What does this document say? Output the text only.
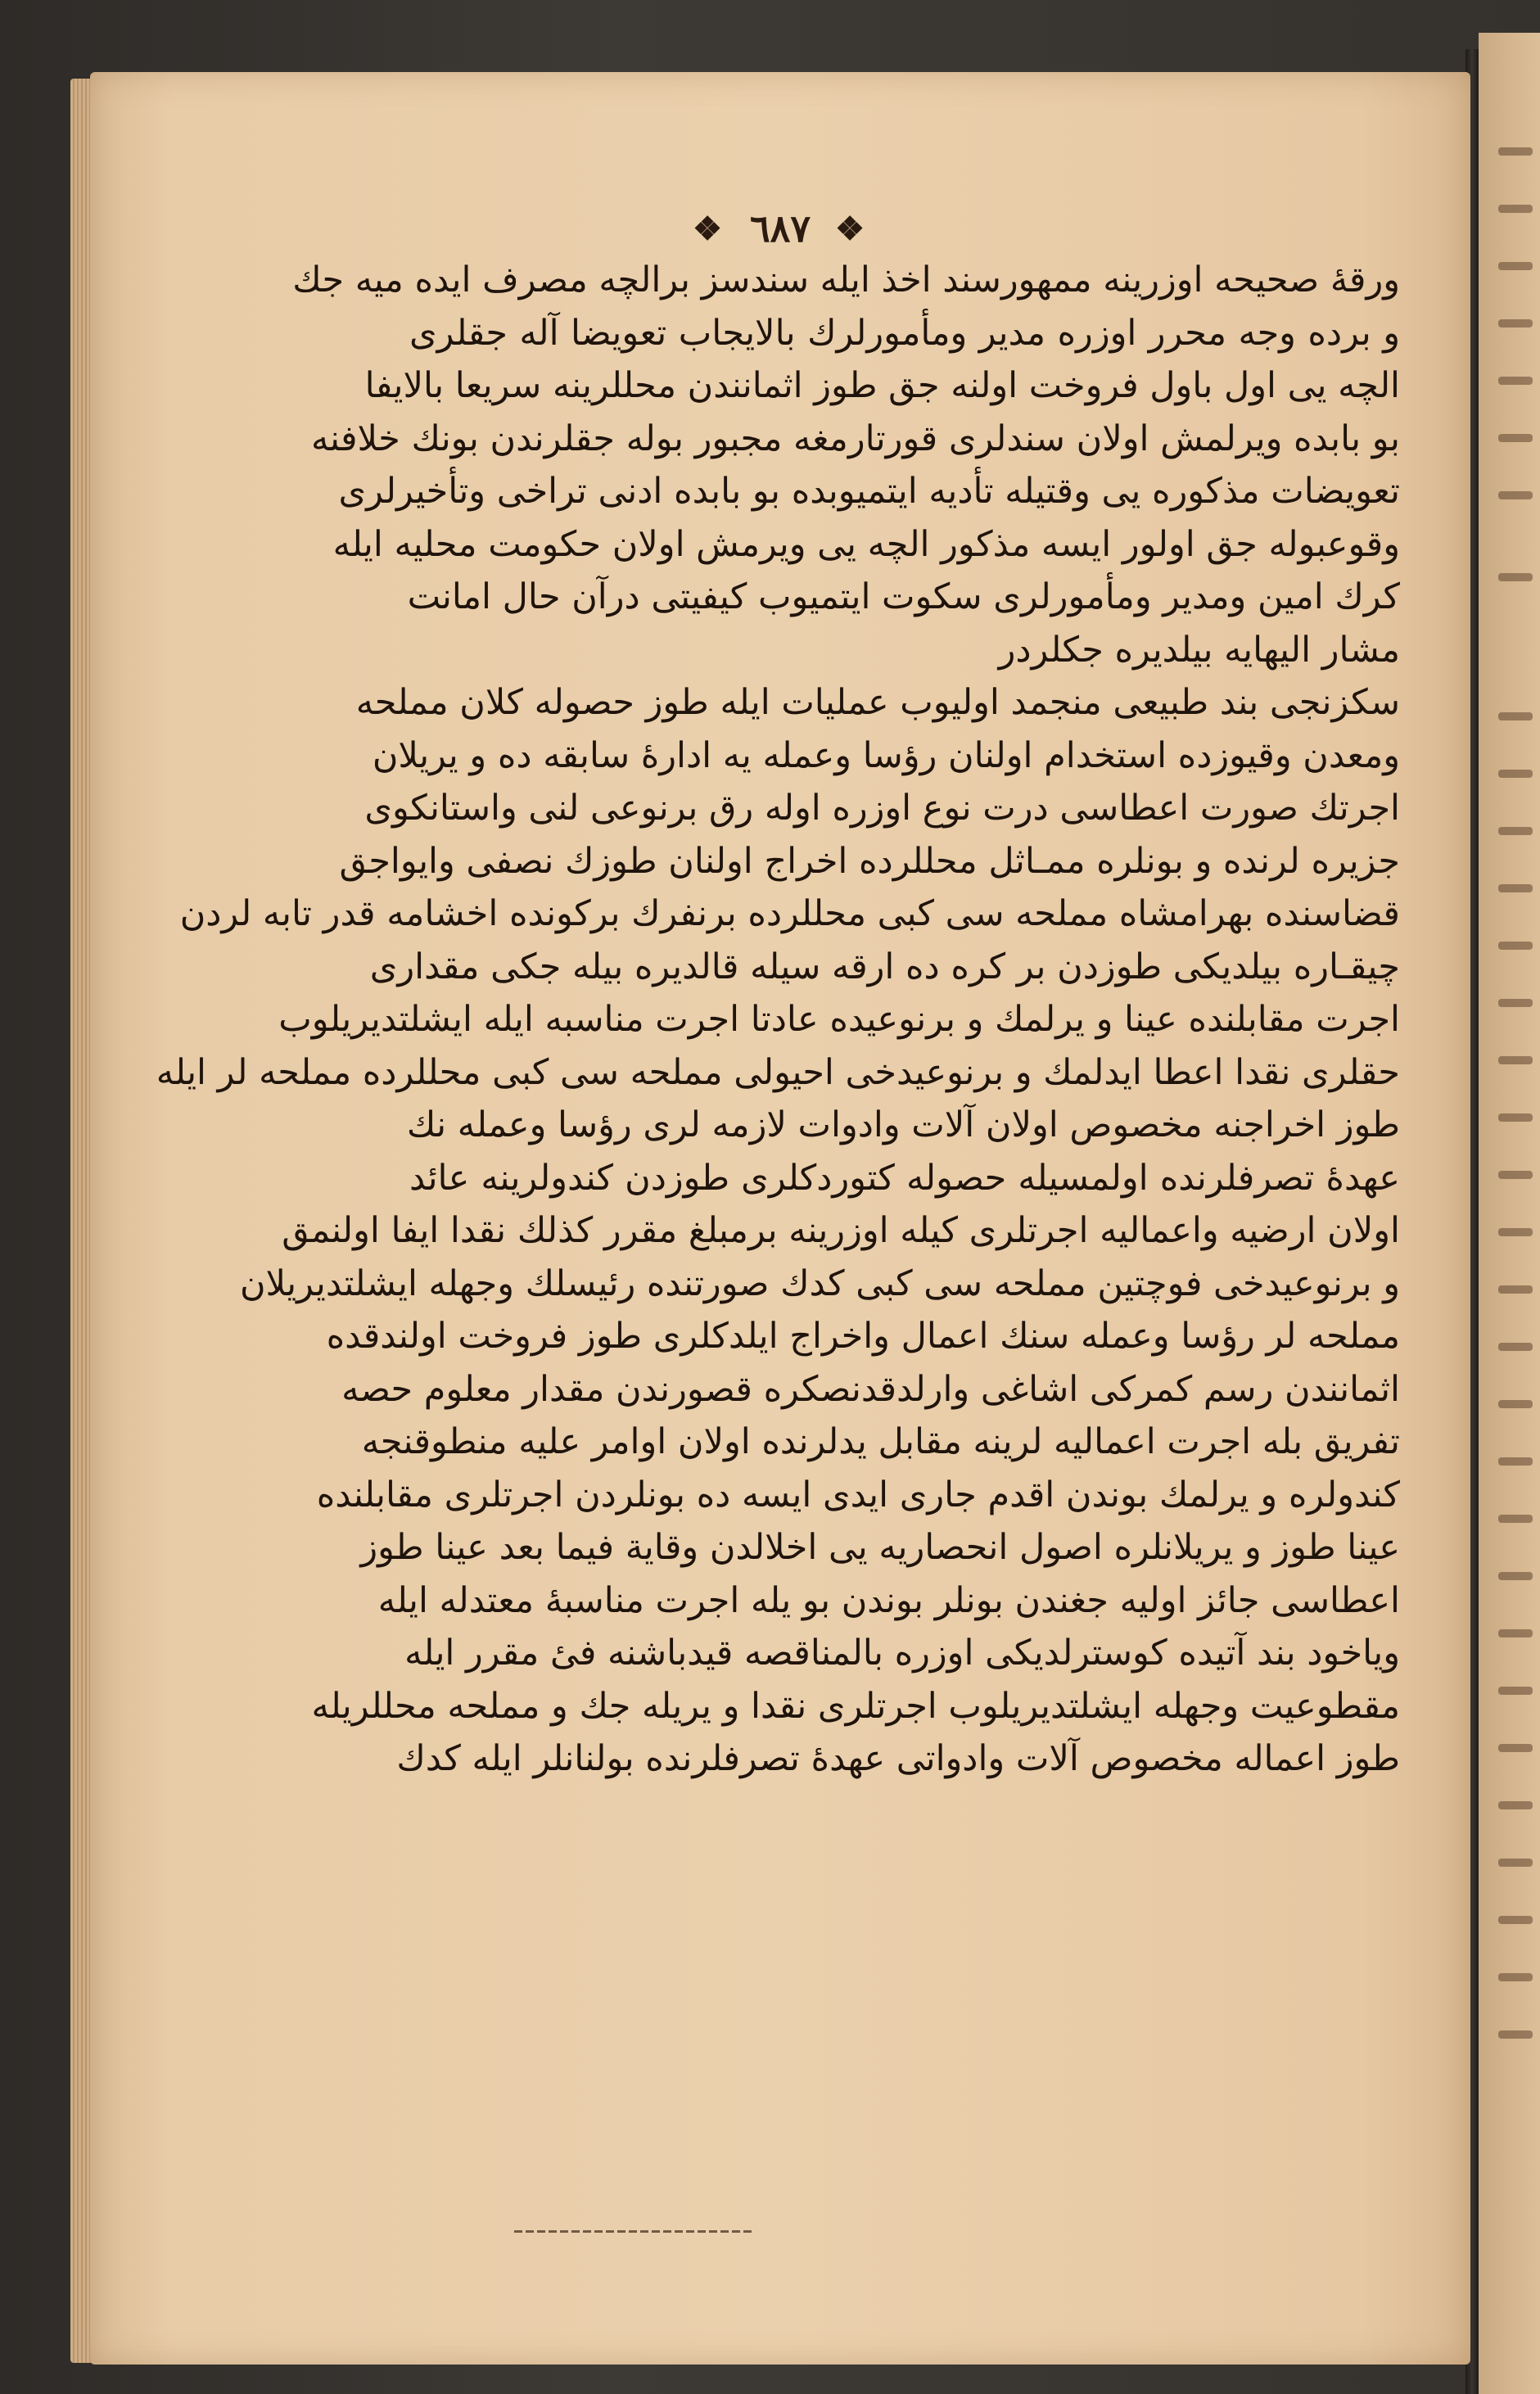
❖ ٦٨٧ ❖
ورقهٔ صحیحه اوزرینه ممهورسند اخذ ایله سندسز برالچه مصرف ایده میه جك
و برده وجه محرر اوزره مدیر ومأمورلرك بالایجاب تعویضا آله جقلری
الچه یی اول باول فروخت اولنه جق طوز اثمانندن محللرینه سریعا بالایفا
بو بابده ویرلمش اولان سندلری قورتارمغه مجبور بوله جقلرندن بونك خلافنه
تعویضات مذکوره یی وقتیله تأدیه ایتمیوبده بو بابده ادنی تراخی وتأخیرلری
وقوعبوله جق اولور ایسه مذکور الچه یی ویرمش اولان حکومت محلیه ایله
کرك امین ومدیر ومأمورلری سکوت ایتمیوب کیفیتی درآن حال امانت
مشار الیهایه بیلدیره جکلردر
سکزنجی بند طبیعی منجمد اولیوب عملیات ایله طوز حصوله کلان مملحه
ومعدن وقیوزده استخدام اولنان رؤسا وعمله یه ادارهٔ سابقه ده و یریلان
اجرتك صورت اعطاسی درت نوع اوزره اوله رق برنوعی لنی واستانکوی
جزیره لرنده و بونلره ممـاثل محللرده اخراج اولنان طوزك نصفی وایواجق
قضاسنده بهرامشاه مملحه سی کبی محللرده برنفرك برکونده اخشامه قدر تابه لردن
چیقـاره بیلدیکی طوزدن بر کره ده ارقه سیله قالدیره بیله جکی مقداری
اجرت مقابلنده عینا و یرلمك و برنوعیده عادتا اجرت مناسبه ایله ایشلتدیریلوب
حقلری نقدا اعطا ایدلمك و برنوعیدخی احیولی مملحه سی کبی محللرده مملحه لر ایله
طوز اخراجنه مخصوص اولان آلات وادوات لازمه لری رؤسا وعمله نك
عهدهٔ تصرفلرنده اولمسیله حصوله کتوردکلری طوزدن کندولرینه عائد
اولان ارضیه واعمالیه اجرتلری کیله اوزرینه برمبلغ مقرر کذلك نقدا ایفا اولنمق
و برنوعیدخی فوچتین مملحه سی کبی کدك صورتنده رئیسلك وجهله ایشلتدیریلان
مملحه لر رؤسا وعمله سنك اعمال واخراج ایلدکلری طوز فروخت اولندقده
اثمانندن رسم کمرکی اشاغی وارلدقدنصکره قصورندن مقدار معلوم حصه
تفریق بله اجرت اعمالیه لرینه مقابل یدلرنده اولان اوامر علیه منطوقنجه
کندولره و یرلمك بوندن اقدم جاری ایدی ایسه ده بونلردن اجرتلری مقابلنده
عینا طوز و یریلانلره اصول انحصاریه یی اخلالدن وقایة فیما بعد عینا طوز
اعطاسی جائز اولیه جغندن بونلر بوندن بو یله اجرت مناسبهٔ معتدله ایله
ویاخود بند آتیده کوسترلدیکی اوزره بالمناقصه قیدباشنه فیٔ مقرر ایله
مقطوعیت وجهله ایشلتدیریلوب اجرتلری نقدا و یریله جك و مملحه محللریله
طوز اعماله مخصوص آلات وادواتی عهدهٔ تصرفلرنده بولنانلر ایله کدك
